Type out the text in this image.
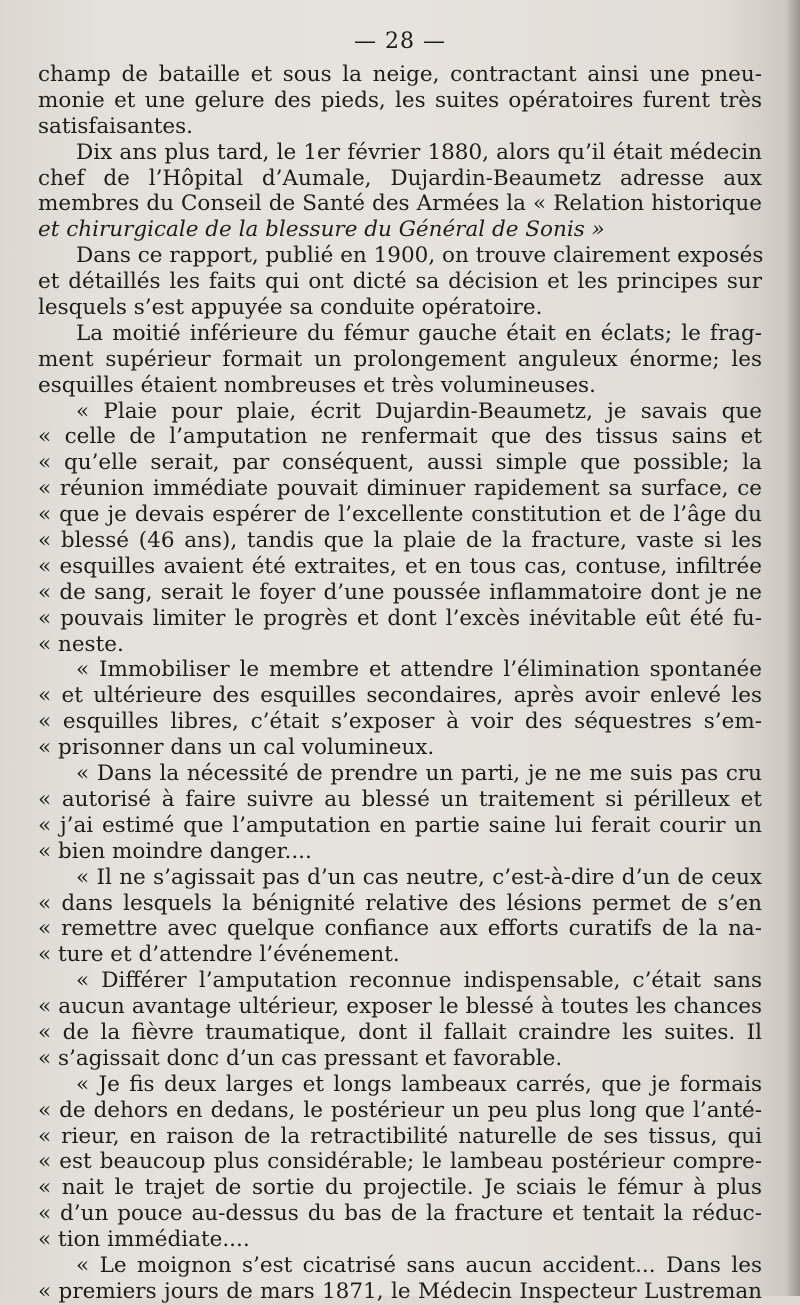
— 28 —
champ de bataille et sous la neige, contractant ainsi une pneu-
monie et une gelure des pieds, les suites opératoires furent très
satisfaisantes.
Dix ans plus tard, le 1er février 1880, alors qu’il était médecin
chef de l’Hôpital d’Aumale, Dujardin-Beaumetz adresse aux
membres du Conseil de Santé des Armées la « Relation historique
et chirurgicale de la blessure du Général de Sonis »
Dans ce rapport, publié en 1900, on trouve clairement exposés
et détaillés les faits qui ont dicté sa décision et les principes sur
lesquels s’est appuyée sa conduite opératoire.
La moitié inférieure du fémur gauche était en éclats; le frag-
ment supérieur formait un prolongement anguleux énorme; les
esquilles étaient nombreuses et très volumineuses.
« Plaie pour plaie, écrit Dujardin-Beaumetz, je savais que
« celle de l’amputation ne renfermait que des tissus sains et
« qu’elle serait, par conséquent, aussi simple que possible; la
« réunion immédiate pouvait diminuer rapidement sa surface, ce
« que je devais espérer de l’excellente constitution et de l’âge du
« blessé (46 ans), tandis que la plaie de la fracture, vaste si les
« esquilles avaient été extraites, et en tous cas, contuse, infiltrée
« de sang, serait le foyer d’une poussée inflammatoire dont je ne
« pouvais limiter le progrès et dont l’excès inévitable eût été fu-
« neste.
« Immobiliser le membre et attendre l’élimination spontanée
« et ultérieure des esquilles secondaires, après avoir enlevé les
« esquilles libres, c’était s’exposer à voir des séquestres s’em-
« prisonner dans un cal volumineux.
« Dans la nécessité de prendre un parti, je ne me suis pas cru
« autorisé à faire suivre au blessé un traitement si périlleux et
« j’ai estimé que l’amputation en partie saine lui ferait courir un
« bien moindre danger....
« Il ne s’agissait pas d’un cas neutre, c’est-à-dire d’un de ceux
« dans lesquels la bénignité relative des lésions permet de s’en
« remettre avec quelque confiance aux efforts curatifs de la na-
« ture et d’attendre l’événement.
« Différer l’amputation reconnue indispensable, c’était sans
« aucun avantage ultérieur, exposer le blessé à toutes les chances
« de la fièvre traumatique, dont il fallait craindre les suites. Il
« s’agissait donc d’un cas pressant et favorable.
« Je fis deux larges et longs lambeaux carrés, que je formais
« de dehors en dedans, le postérieur un peu plus long que l’anté-
« rieur, en raison de la retractibilité naturelle de ses tissus, qui
« est beaucoup plus considérable; le lambeau postérieur compre-
« nait le trajet de sortie du projectile. Je sciais le fémur à plus
« d’un pouce au-dessus du bas de la fracture et tentait la réduc-
« tion immédiate....
« Le moignon s’est cicatrisé sans aucun accident... Dans les
« premiers jours de mars 1871, le Médecin Inspecteur Lustreman
